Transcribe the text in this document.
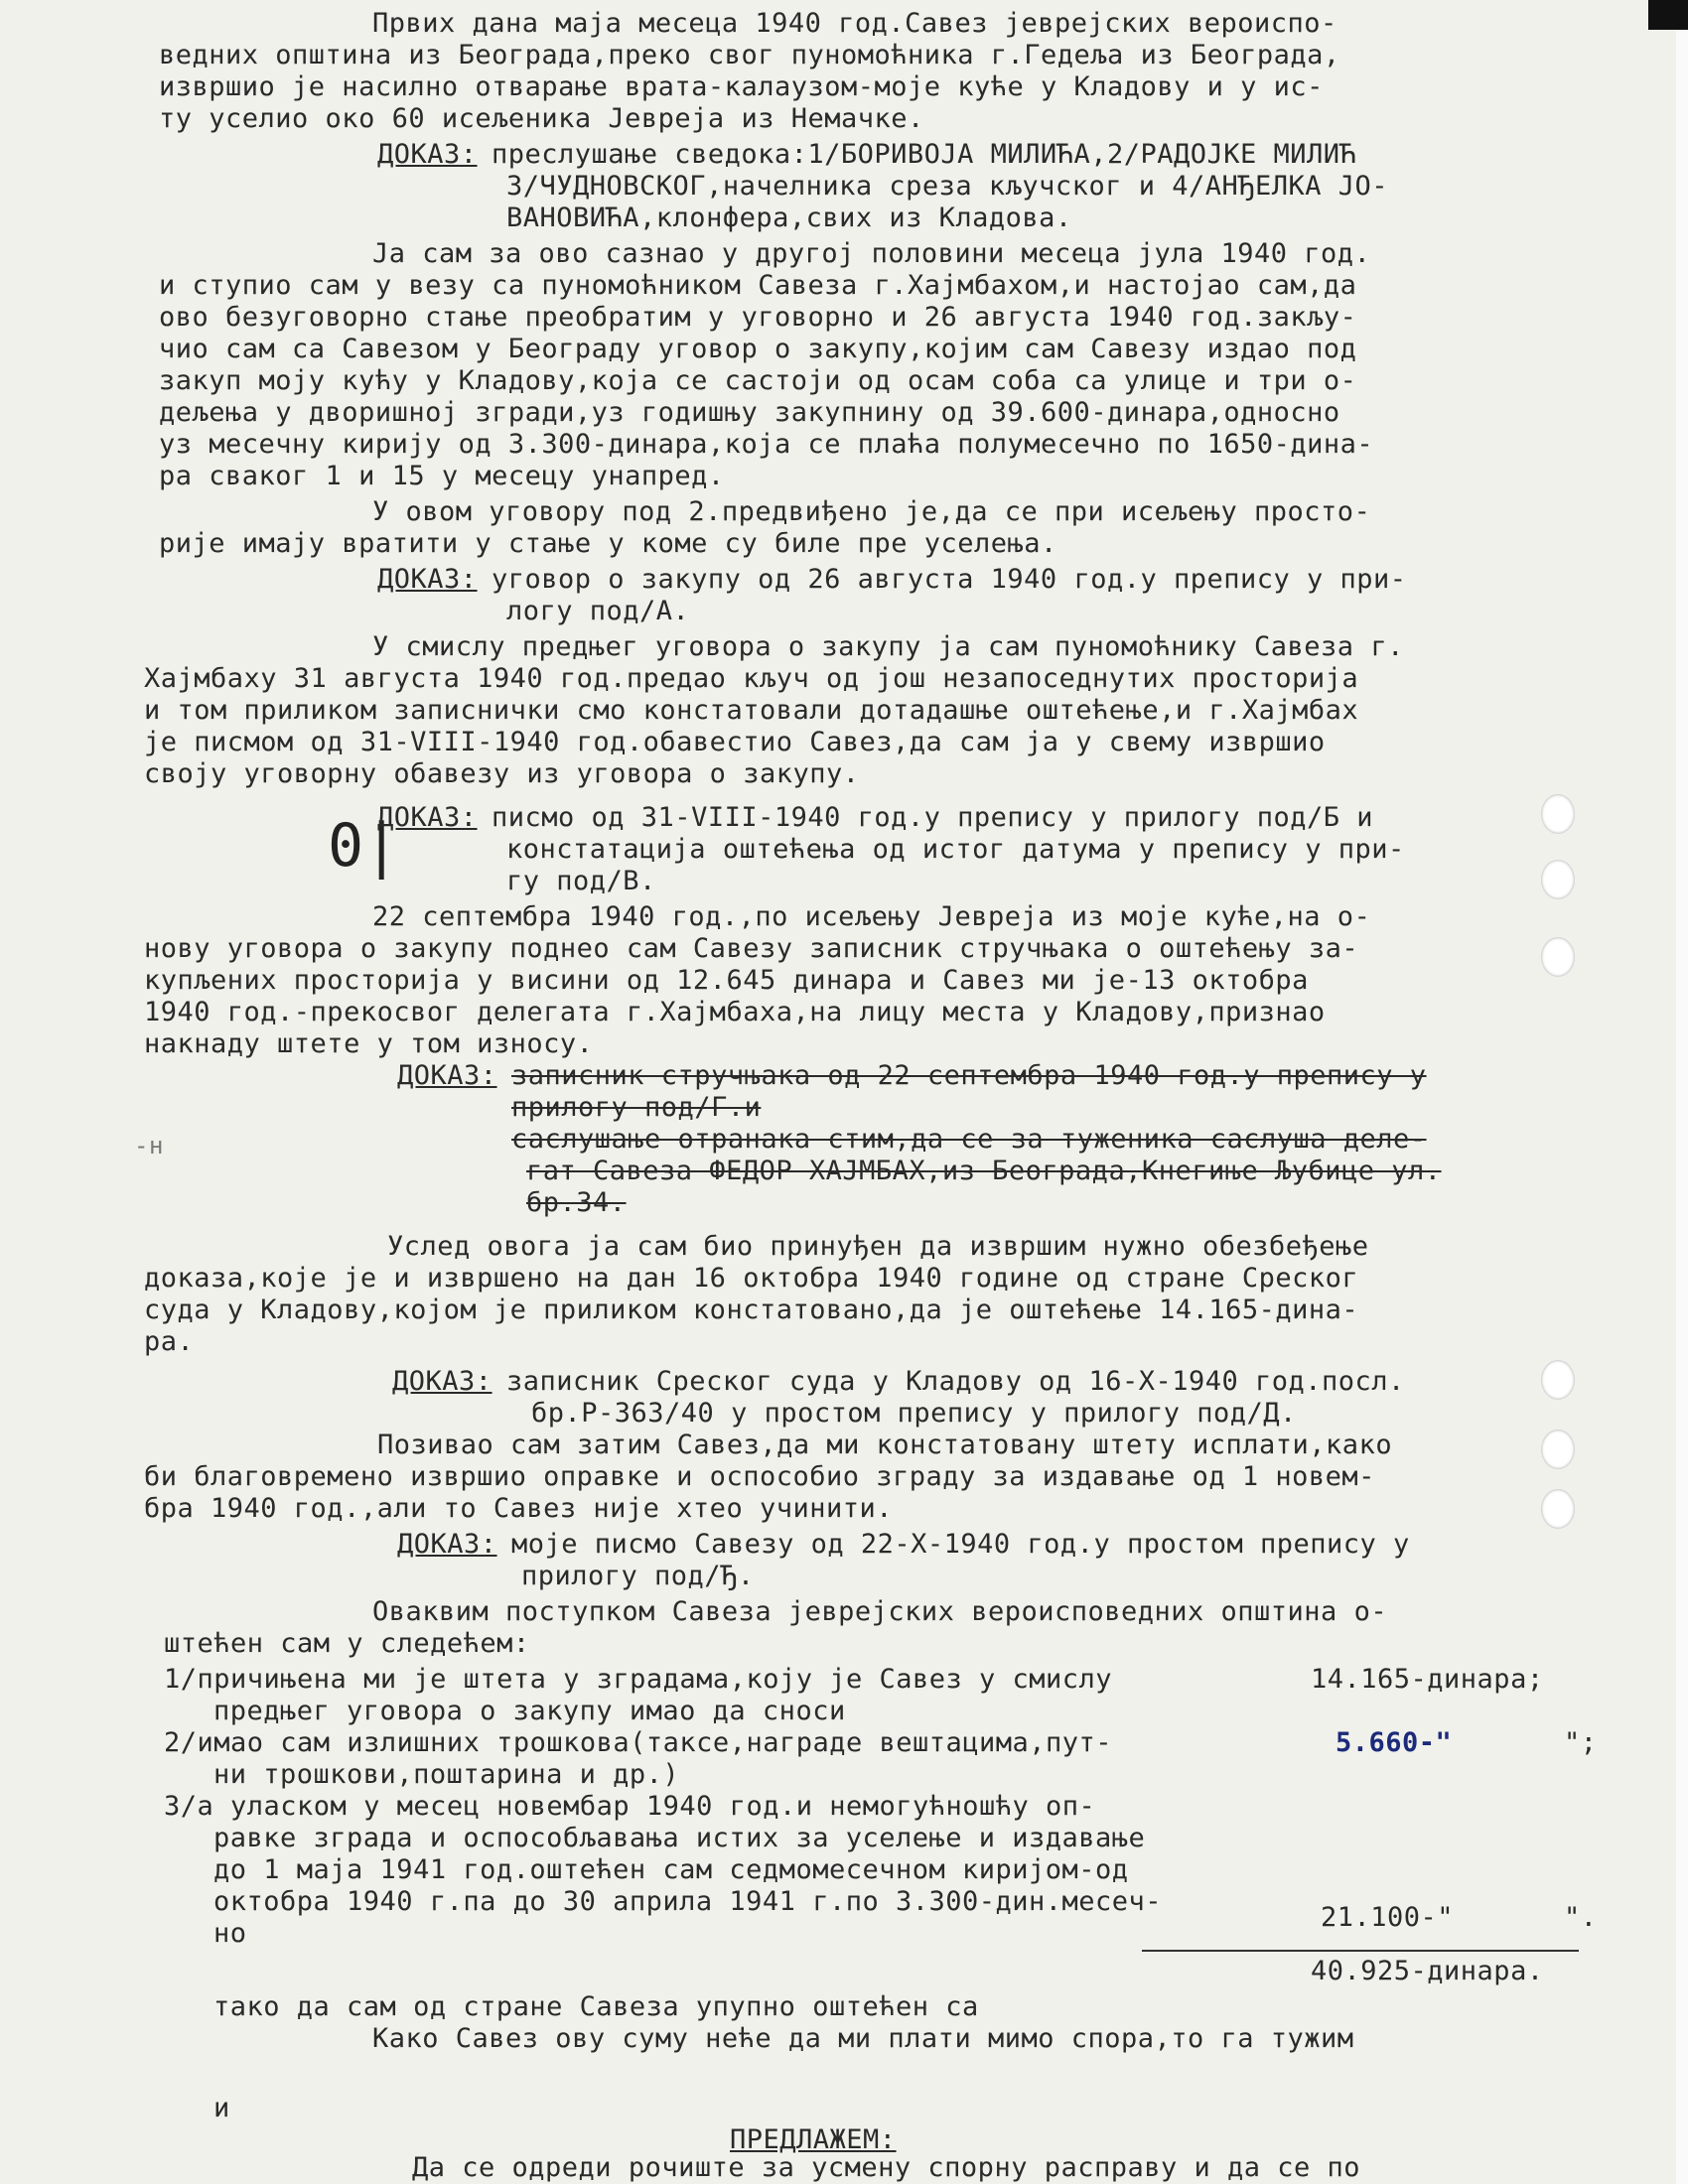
Првих дана маја месеца 1940 год.Савез јеврејских вероиспо-
ведних општина из Београда,преко свог пуномоћника г.Гедеља из Београда,
извршио је насилно отварање врата-калаузом-моје куће у Кладову и у ис-
ту уселио око 60 исељеника Јевреја из Немачке.
ДОКАЗ: преслушање сведока:1/БОРИВОЈА МИЛИЋА,2/РАДОЈКЕ МИЛИЋ
3/ЧУДНОВСКОГ,начелника среза кључског и 4/АНЂЕЛКА ЈО-
ВАНОВИЋА,клонфера,свих из Кладова.
Ја сам за ово сазнао у другој половини месеца јула 1940 год.
и ступио сам у везу са пуномоћником Савеза г.Хајмбахом,и настојао сам,да
ово безуговорно стање преобратим у уговорно и 26 августа 1940 год.закљу-
чио сам са Савезом у Београду уговор о закупу,којим сам Савезу издао под
закуп моју кућу у Кладову,која се састоји од осам соба са улице и три о-
дељења у дворишној згради,уз годишњу закупнину од 39.600-динара,односно
уз месечну кирију од 3.300-динара,која се плаћа полумесечно по 1650-дина-
ра сваког 1 и 15 у месецу унапред.
У овом уговору под 2.предвиђено је,да се при исељењу просто-
рије имају вратити у стање у коме су биле пре уселења.
ДОКАЗ: уговор о закупу од 26 августа 1940 год.у препису у при-
логу под/А.
У смислу предњег уговора о закупу ја сам пуномоћнику Савеза г.
Хајмбаху 31 августа 1940 год.предао кључ од још незапоседнутих просторија
и том приликом записнички смо констатовали дотадашње оштећење,и г.Хајмбах
је писмом од 31-VIII-1940 год.обавестио Савез,да сам ја у свему извршио
своју уговорну обавезу из уговора о закупу.
0|
ДОКАЗ: писмо од 31-VIII-1940 год.у препису у прилогу под/Б и
констатација оштећења од истог датума у препису у при-
гу под/В.
22 септембра 1940 год.,по исељењу Јевреја из моје куће,на о-
нову уговора о закупу поднео сам Савезу записник стручњака о оштећењу за-
купљених просторија у висини од 12.645 динара и Савез ми је-13 октобра
1940 год.-прекосвог делегата г.Хајмбаха,на лицу места у Кладову,признао
накнаду штете у том износу.
-н
ДОКАЗ: записник стручњака од 22 септембра 1940 год.у препису у
прилогу под/Г.и
саслушање отранака стим,да се за туженика саслуша деле-
гат Савеза ФЕДОР ХАЈМБАХ,из Београда,Кнегиње Љубице ул.
бр.34.
Услед овога ја сам био принуђен да извршим нужно обезбеђење
доказа,које је и извршено на дан 16 октобра 1940 године од стране Среског
суда у Кладову,којом је приликом констатовано,да је оштећење 14.165-дина-
ра.
ДОКАЗ: записник Среског суда у Кладову од 16-X-1940 год.посл.
бр.Р-363/40 у простом препису у прилогу под/Д.
Позивао сам затим Савез,да ми констатовану штету исплати,како
би благовремено извршио оправке и оспособио зграду за издавање од 1 новем-
бра 1940 год.,али то Савез није хтео учинити.
ДОКАЗ: моје писмо Савезу од 22-X-1940 год.у простом препису у
прилогу под/Ђ.
Оваквим поступком Савеза јеврејских вероисповедних општина о-
штећен сам у следећем:
1/причињена ми је штета у зградама,коју је Савез у смислу
предњег уговора о закупу имао да сноси
14.165-динара;
2/имао сам излишних трошкова(таксе,награде вештацима,пут-
ни трошкови,поштарина и др.)
5.660-"	";
3/а уласком у месец новембар 1940 год.и немогућношћу оп-
равке зграда и оспособљавања истих за уселење и издавање
до 1 маја 1941 год.оштећен сам седмомесечном киријом-од
октобра 1940 г.па до 30 априла 1941 г.по 3.300-дин.месеч-
но
21.100-"	".
40.925-динара.
тако да сам од стране Савеза упупно оштећен са
Како Савез ову суму неће да ми плати мимо спора,то га тужим
и
ПРЕДЛАЖЕМ:
Да се одреди рочиште за усмену спорну расправу и да се по
